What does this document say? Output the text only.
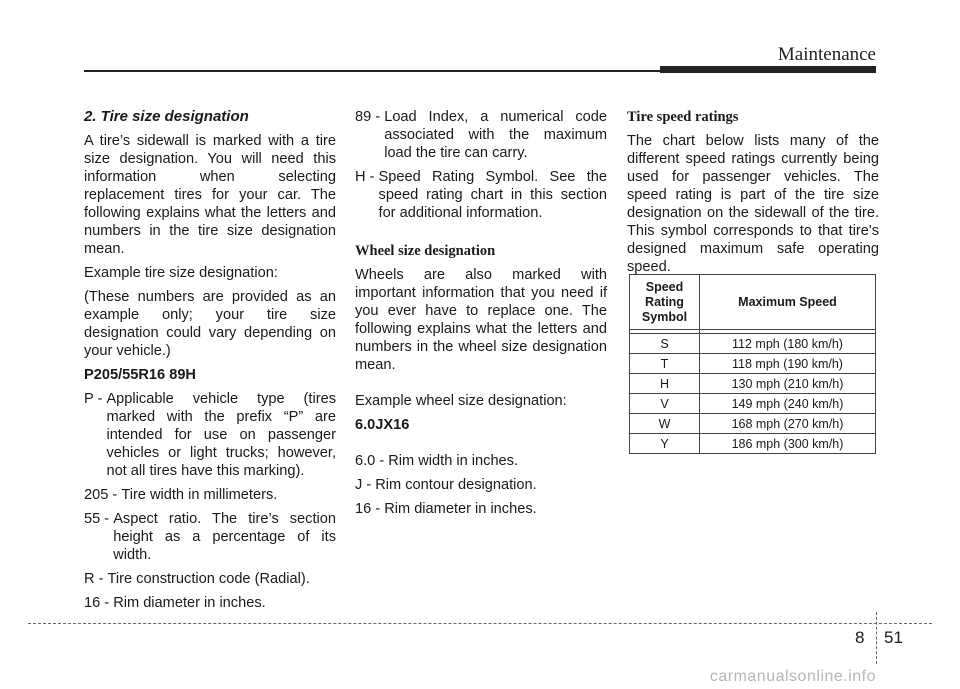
Maintenance

2. Tire size designation

A tire’s sidewall is marked with a tire size designation. You will need this information when selecting replacement tires for your car. The following explains what the letters and numbers in the tire size designation mean.

Example tire size designation:

(These numbers are provided as an example only; your tire size designation could vary depending on your vehicle.)

P205/55R16 89H

P - Applicable vehicle type (tires marked with the prefix “P” are intended for use on passenger vehicles or light trucks; however, not all tires have this marking).
205 - Tire width in millimeters.
55 - Aspect ratio. The tire’s section height as a percentage of its width.
R - Tire construction code (Radial).
16 - Rim diameter in inches.
89 - Load Index, a numerical code associated with the maximum load the tire can carry.
H - Speed Rating Symbol. See the speed rating chart in this section for additional information.

Wheel size designation

Wheels are also marked with important information that you need if you ever have to replace one. The following explains what the letters and numbers in the wheel size designation mean.

Example wheel size designation:

6.0JX16

6.0 - Rim width in inches.

J - Rim contour designation.

16 - Rim diameter in inches.

Tire speed ratings

The chart below lists many of the different speed ratings currently being used for passenger vehicles. The speed rating is part of the tire size designation on the sidewall of the tire. This symbol corresponds to that tire's designed maximum safe operating speed.

Speed
Rating
Symbol	Maximum Speed

S	112 mph (180 km/h)
T	118 mph (190 km/h)
H	130 mph (210 km/h)
V	149 mph (240 km/h)
W	168 mph (270 km/h)
Y	186 mph (300 km/h)
8 51
carmanualsonline.info
